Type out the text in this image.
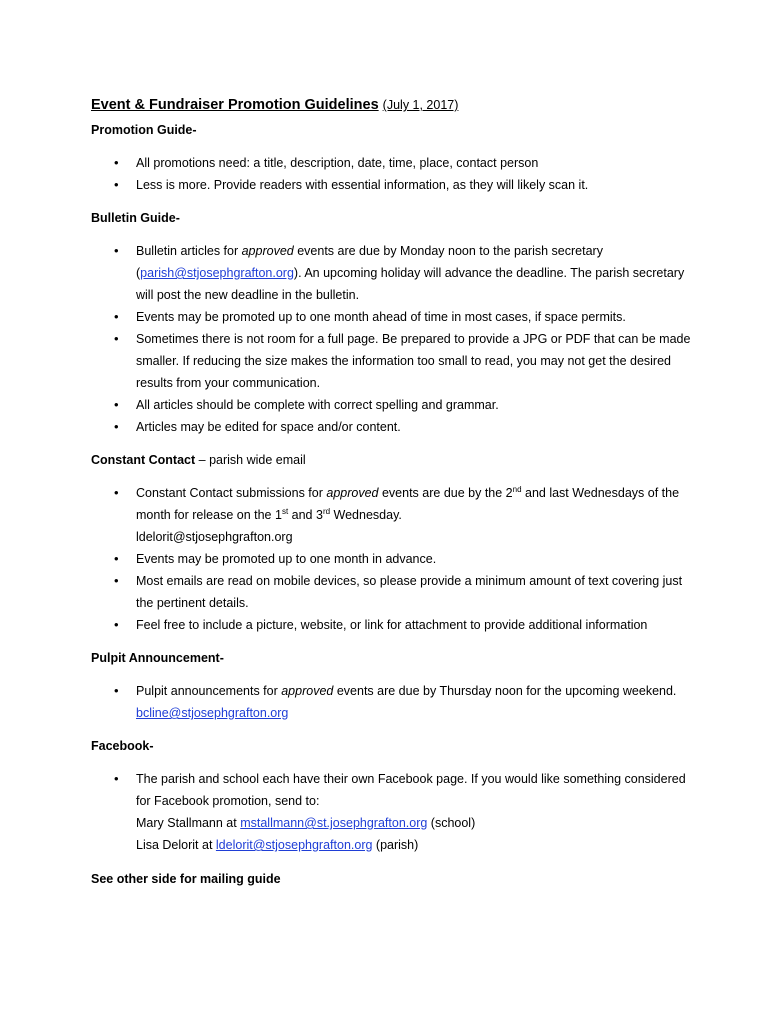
Event & Fundraiser Promotion Guidelines (July 1, 2017)
Promotion Guide-
• All promotions need: a title, description, date, time, place, contact person
• Less is more. Provide readers with essential information, as they will likely scan it.
Bulletin Guide-
• Bulletin articles for approved events are due by Monday noon to the parish secretary (parish@stjosephgrafton.org). An upcoming holiday will advance the deadline. The parish secretary will post the new deadline in the bulletin.
• Events may be promoted up to one month ahead of time in most cases, if space permits.
• Sometimes there is not room for a full page. Be prepared to provide a JPG or PDF that can be made smaller. If reducing the size makes the information too small to read, you may not get the desired results from your communication.
• All articles should be complete with correct spelling and grammar.
• Articles may be edited for space and/or content.
Constant Contact – parish wide email
• Constant Contact submissions for approved events are due by the 2nd and last Wednesdays of the month for release on the 1st and 3rd Wednesday.
ldelorit@stjosephgrafton.org
• Events may be promoted up to one month in advance.
• Most emails are read on mobile devices, so please provide a minimum amount of text covering just the pertinent details.
• Feel free to include a picture, website, or link for attachment to provide additional information
Pulpit Announcement-
• Pulpit announcements for approved events are due by Thursday noon for the upcoming weekend. bcline@stjosephgrafton.org
Facebook-
• The parish and school each have their own Facebook page. If you would like something considered for Facebook promotion, send to:
Mary Stallmann at mstallmann@st.josephgrafton.org (school)
Lisa Delorit at ldelorit@stjosephgrafton.org (parish)
See other side for mailing guide
